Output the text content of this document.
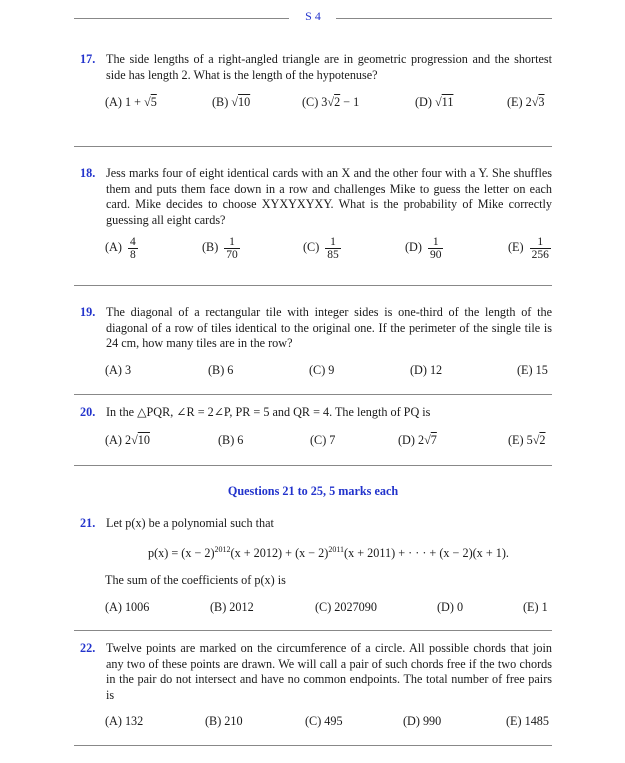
S 4
17. The side lengths of a right-angled triangle are in geometric progression and the shortest side has length 2. What is the length of the hypotenuse?
(A) 1 + √5	(B) √10	(C) 3√2 − 1	(D) √11	(E) 2√3
18. Jess marks four of eight identical cards with an X and the other four with a Y. She shuffles them and puts them face down in a row and challenges Mike to guess the letter on each card. Mike decides to choose XYXYXYXY. What is the probability of Mike correctly guessing all eight cards?
$(A) \frac{4}{8}$	$(B) \frac{1}{70}$	$(C) \frac{1}{85}$	$(D) \frac{1}{90}$	$(E) \frac{1}{256}$
19. The diagonal of a rectangular tile with integer sides is one-third of the length of the diagonal of a row of tiles identical to the original one. If the perimeter of the single tile is 24 cm, how many tiles are in the row?
(A) 3	(B) 6	(C) 9	(D) 12	(E) 15
20. In the △PQR, ∠R = 2∠P, PR = 5 and QR = 4. The length of PQ is
(A) 2√10	(B) 6	(C) 7	(D) 2√7	(E) 5√2
Questions 21 to 25, 5 marks each
21. Let p(x) be a polynomial such that
$p(x) = (x - 2)^{2012}(x + 2012) + (x - 2)^{2011}(x + 2011)$ + · · · + (x − 2)(x + 1).
The sum of the coefficients of p(x) is
(A) 1006	(B) 2012	(C) 2027090	(D) 0	(E) 1
22. Twelve points are marked on the circumference of a circle. All possible chords that join any two of these points are drawn. We will call a pair of such chords free if the two chords in the pair do not intersect and have no common endpoints. The total number of free pairs is
(A) 132	(B) 210	(C) 495	(D) 990	(E) 1485
